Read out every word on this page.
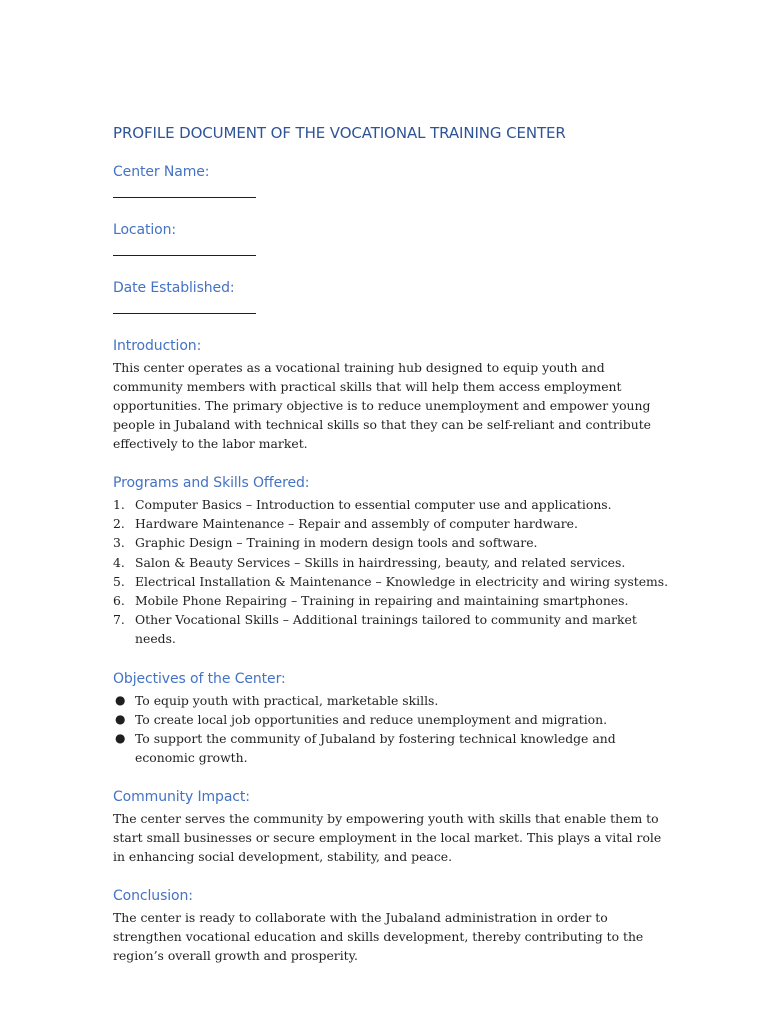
PROFILE DOCUMENT OF THE VOCATIONAL TRAINING CENTER
Center Name:
Location:
Date Established:
Introduction:

This center operates as a vocational training hub designed to equip youth and community members with practical skills that will help them access employment opportunities. The primary objective is to reduce unemployment and empower young people in Jubaland with technical skills so that they can be self-reliant and contribute effectively to the labor market.

Programs and Skills Offered:
1. Computer Basics – Introduction to essential computer use and applications.
2. Hardware Maintenance – Repair and assembly of computer hardware.
3. Graphic Design – Training in modern design tools and software.
4. Salon & Beauty Services – Skills in hairdressing, beauty, and related services.
5. Electrical Installation & Maintenance – Knowledge in electricity and wiring systems.
6. Mobile Phone Repairing – Training in repairing and maintaining smartphones.
7. Other Vocational Skills – Additional trainings tailored to community and market needs.
Objectives of the Center:
● To equip youth with practical, marketable skills.
● To create local job opportunities and reduce unemployment and migration.
● To support the community of Jubaland by fostering technical knowledge and economic growth.
Community Impact:

The center serves the community by empowering youth with skills that enable them to start small businesses or secure employment in the local market. This plays a vital role in enhancing social development, stability, and peace.

Conclusion:

The center is ready to collaborate with the Jubaland administration in order to strengthen vocational education and skills development, thereby contributing to the region’s overall growth and prosperity.
